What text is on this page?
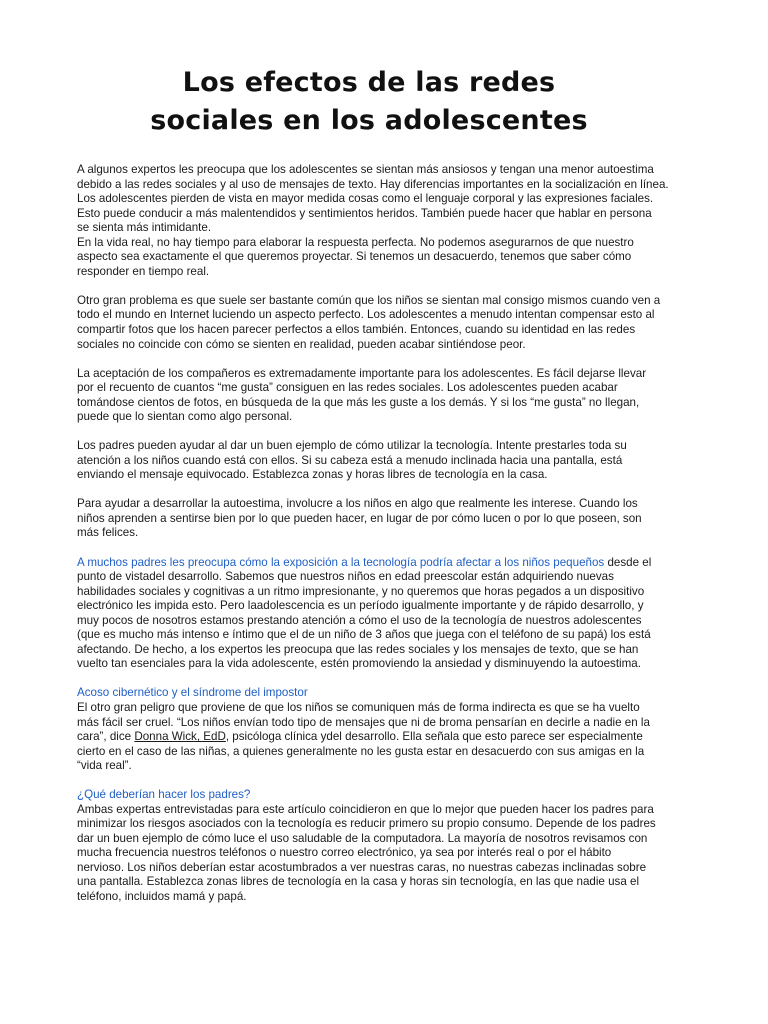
Los efectos de las redes
sociales en los adolescentes

A algunos expertos les preocupa que los adolescentes se sientan más ansiosos y tengan una menor autoestima
debido a las redes sociales y al uso de mensajes de texto. Hay diferencias importantes en la socialización en línea.
Los adolescentes pierden de vista en mayor medida cosas como el lenguaje corporal y las expresiones faciales.
Esto puede conducir a más malentendidos y sentimientos heridos. También puede hacer que hablar en persona
se sienta más intimidante.
En la vida real, no hay tiempo para elaborar la respuesta perfecta. No podemos asegurarnos de que nuestro
aspecto sea exactamente el que queremos proyectar. Si tenemos un desacuerdo, tenemos que saber cómo
responder en tiempo real.

Otro gran problema es que suele ser bastante común que los niños se sientan mal consigo mismos cuando ven a
todo el mundo en Internet luciendo un aspecto perfecto. Los adolescentes a menudo intentan compensar esto al
compartir fotos que los hacen parecer perfectos a ellos también. Entonces, cuando su identidad en las redes
sociales no coincide con cómo se sienten en realidad, pueden acabar sintiéndose peor.

La aceptación de los compañeros es extremadamente importante para los adolescentes. Es fácil dejarse llevar
por el recuento de cuantos “me gusta” consiguen en las redes sociales. Los adolescentes pueden acabar
tomándose cientos de fotos, en búsqueda de la que más les guste a los demás. Y si los “me gusta” no llegan,
puede que lo sientan como algo personal.

Los padres pueden ayudar al dar un buen ejemplo de cómo utilizar la tecnología. Intente prestarles toda su
atención a los niños cuando está con ellos. Si su cabeza está a menudo inclinada hacia una pantalla, está
enviando el mensaje equivocado. Establezca zonas y horas libres de tecnología en la casa.

Para ayudar a desarrollar la autoestima, involucre a los niños en algo que realmente les interese. Cuando los
niños aprenden a sentirse bien por lo que pueden hacer, en lugar de por cómo lucen o por lo que poseen, son
más felices.

A muchos padres les preocupa cómo la exposición a la tecnología podría afectar a los niños pequeños desde el
punto de vistadel desarrollo. Sabemos que nuestros niños en edad preescolar están adquiriendo nuevas
habilidades sociales y cognitivas a un ritmo impresionante, y no queremos que horas pegados a un dispositivo
electrónico les impida esto. Pero laadolescencia es un período igualmente importante y de rápido desarrollo, y
muy pocos de nosotros estamos prestando atención a cómo el uso de la tecnología de nuestros adolescentes
(que es mucho más intenso e íntimo que el de un niño de 3 años que juega con el teléfono de su papá) los está
afectando. De hecho, a los expertos les preocupa que las redes sociales y los mensajes de texto, que se han
vuelto tan esenciales para la vida adolescente, estén promoviendo la ansiedad y disminuyendo la autoestima.

Acoso cibernético y el síndrome del impostor
El otro gran peligro que proviene de que los niños se comuniquen más de forma indirecta es que se ha vuelto
más fácil ser cruel. “Los niños envían todo tipo de mensajes que ni de broma pensarían en decirle a nadie en la
cara”, dice Donna Wick, EdD, psicóloga clínica ydel desarrollo. Ella señala que esto parece ser especialmente
cierto en el caso de las niñas, a quienes generalmente no les gusta estar en desacuerdo con sus amigas en la
“vida real”.

¿Qué deberían hacer los padres?
Ambas expertas entrevistadas para este artículo coincidieron en que lo mejor que pueden hacer los padres para
minimizar los riesgos asociados con la tecnología es reducir primero su propio consumo. Depende de los padres
dar un buen ejemplo de cómo luce el uso saludable de la computadora. La mayoría de nosotros revisamos con
mucha frecuencia nuestros teléfonos o nuestro correo electrónico, ya sea por interés real o por el hábito
nervioso. Los niños deberían estar acostumbrados a ver nuestras caras, no nuestras cabezas inclinadas sobre
una pantalla. Establezca zonas libres de tecnología en la casa y horas sin tecnología, en las que nadie usa el
teléfono, incluidos mamá y papá.
